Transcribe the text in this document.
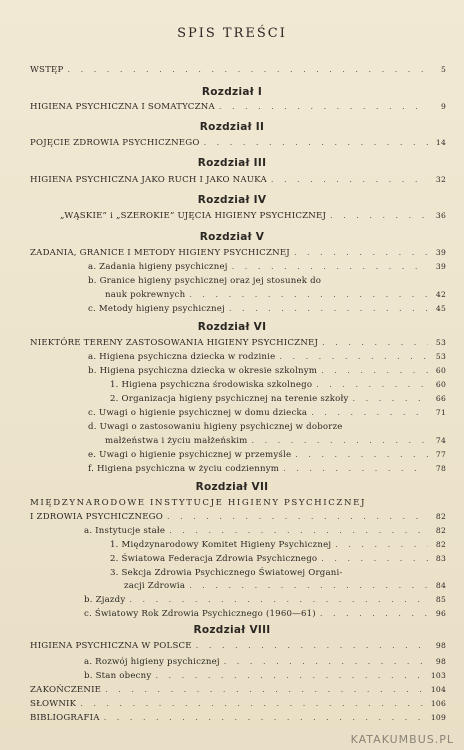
SPIS TREŚCI
WSTĘP . . .	5
Rozdział I
HIGIENA PSYCHICZNA I SOMATYCZNA . . .	9
Rozdział II
POJĘCIE ZDROWIA PSYCHICZNEGO . . .	14
Rozdział III
HIGIENA PSYCHICZNA JAKO RUCH I JAKO NAUKA . . .	32
Rozdział IV
„WĄSKIE” i „SZEROKIE” UJĘCIA HIGIENY PSYCHICZNEJ . . .	36
Rozdział V
ZADANIA, GRANICE I METODY HIGIENY PSYCHICZNEJ . . .	39
a. Zadania higieny psychicznej . . .	39
b. Granice higieny psychicznej oraz jej stosunek do
nauk pokrewnych . . .	42
c. Metody higieny psychicznej . . .	45
Rozdział VI
NIEKTÓRE TERENY ZASTOSOWANIA HIGIENY PSYCHICZNEJ . . .	53
a. Higiena psychiczna dziecka w rodzinie . . .	53
b. Higiena psychiczna dziecka w okresie szkolnym . . .	60
1. Higiena psychiczna środowiska szkolnego . . .	60
2. Organizacja higieny psychicznej na terenie szkoły . . .	66
c. Uwagi o higienie psychicznej w domu dziecka . . .	71
d. Uwagi o zastosowaniu higieny psychicznej w doborze
małżeństwa i życiu małżeńskim . . .	74
e. Uwagi o higienie psychicznej w przemyśle . . .	77
f. Higiena psychiczna w życiu codziennym . . .	78
Rozdział VII
MIĘDZYNARODOWE INSTYTUCJE HIGIENY PSYCHICZNEJ
I ZDROWIA PSYCHICZNEGO . . .	82
a. Instytucje stałe . . .	82
1. Międzynarodowy Komitet Higieny Psychicznej . . .	82
2. Światowa Federacja Zdrowia Psychicznego . . .	83
3. Sekcja Zdrowia Psychicznego Światowej Organi-
zacji Zdrowia . . .	84
b. Zjazdy . . .	85
c. Światowy Rok Zdrowia Psychicznego (1960—61) . . .	96
Rozdział VIII
HIGIENA PSYCHICZNA W POLSCE . . .	98
a. Rozwój higieny psychicznej . . .	98
b. Stan obecny . . .	103
ZAKOŃCZENIE . . .	104
SŁOWNIK . . .	106
BIBLIOGRAFIA . . .	109
KATAKUMBUS.PL
